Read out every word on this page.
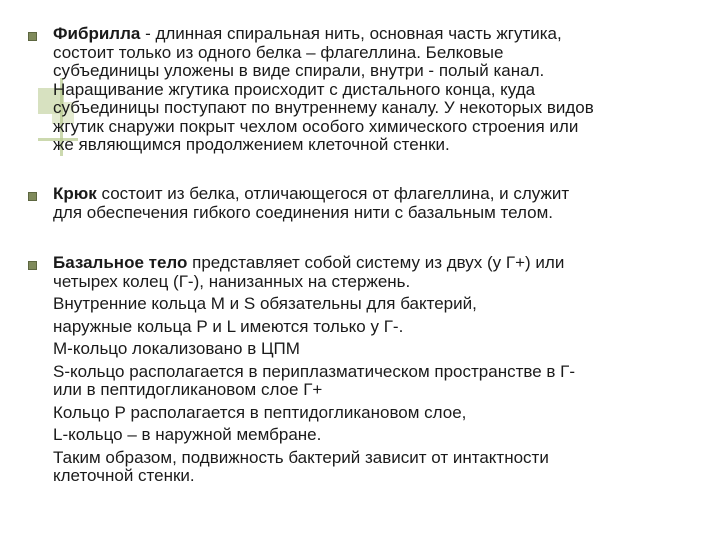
Фибрилла - длинная спиральная нить, основная часть жгутика,
состоит только из одного белка – флагеллина. Белковые
субъединицы уложены в виде спирали, внутри - полый канал.
Наращивание жгутика происходит с дистального конца, куда
субъединицы поступают по внутреннему каналу. У некоторых видов
жгутик снаружи покрыт чехлом особого химического строения или
же являющимся продолжением клеточной стенки.
Крюк состоит из белка, отличающегося от флагеллина, и служит
для обеспечения гибкого соединения нити с базальным телом.
Базальное тело представляет собой систему из двух (у Г+) или
четырех колец (Г-), нанизанных на стержень.
Внутренние кольца М и S обязательны для бактерий,
наружные кольца Р и L имеются только у Г-.
М-кольцо локализовано в ЦПМ
S-кольцо располагается в периплазматическом пространстве в Г-
или в пептидогликановом слое Г+
Кольцо Р располагается в пептидогликановом слое,
L-кольцо – в наружной мембране.
Таким образом, подвижность бактерий зависит от интактности
клеточной стенки.
